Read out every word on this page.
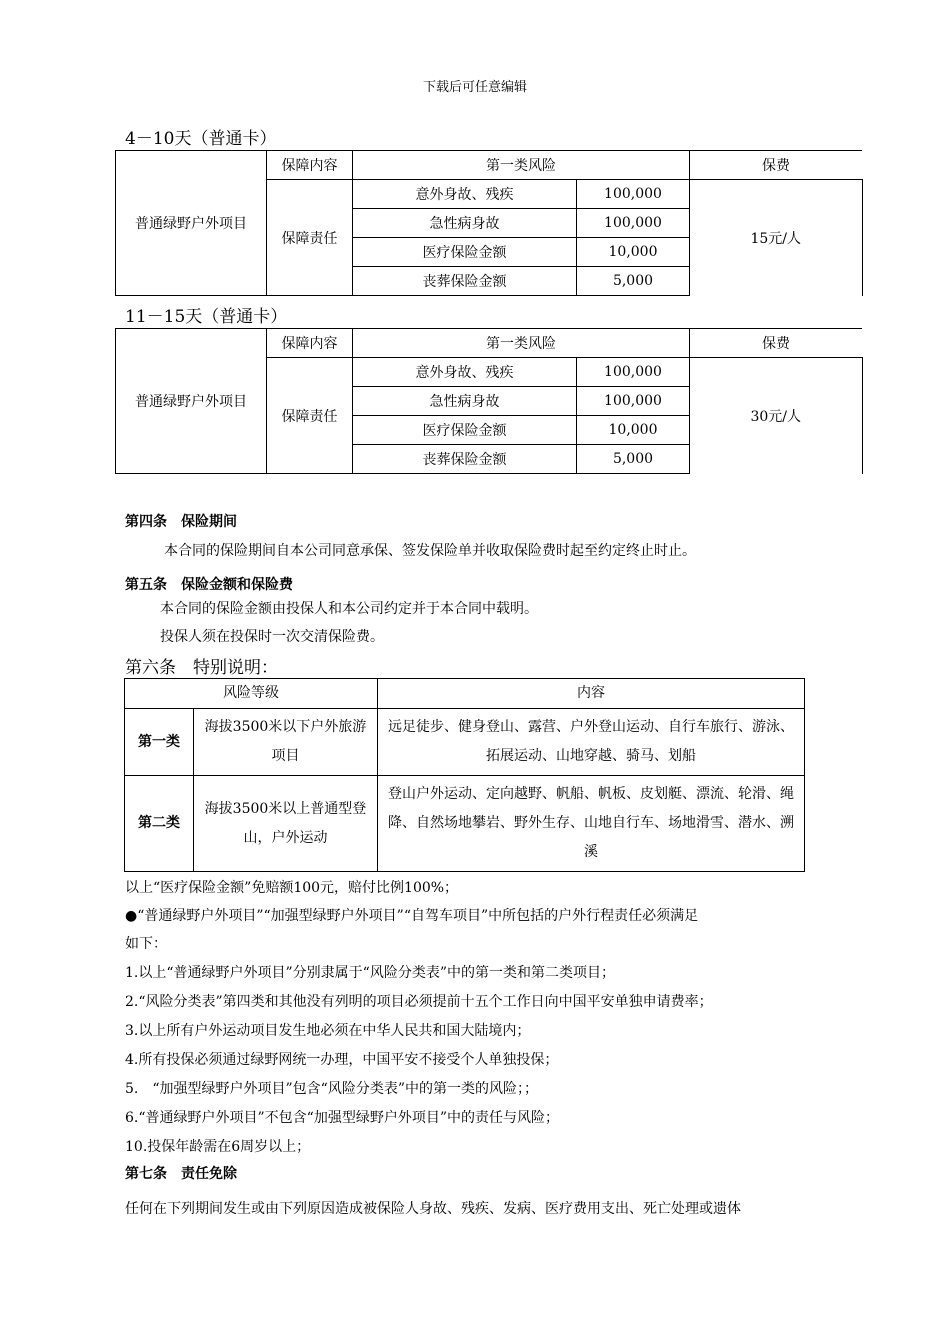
下载后可任意编辑
4－10天（普通卡）
普通绿野户外项目	保障内容	第一类风险		保费
	保障责任	意外身故、残疾	100,000	15元/人
		急性病身故	100,000	
		医疗保险金额	10,000	
		丧葬保险金额	5,000	
11－15天（普通卡）
普通绿野户外项目	保障内容	第一类风险		保费
	保障责任	意外身故、残疾	100,000	30元/人
		急性病身故	100,000	
		医疗保险金额	10,000	
		丧葬保险金额	5,000	
第四条　保险期间
本合同的保险期间自本公司同意承保、签发保险单并收取保险费时起至约定终止时止。
第五条　保险金额和保险费
本合同的保险金额由投保人和本公司约定并于本合同中载明。
投保人须在投保时一次交清保险费。
第六条　特别说明：
风险等级		内容
第一类	海拔3500米以下户外旅游项目	远足徒步、健身登山、露营、户外登山运动、自行车旅行、游泳、拓展运动、山地穿越、骑马、划船
第二类	海拔3500米以上普通型登山，户外运动	登山户外运动、定向越野、帆船、帆板、皮划艇、漂流、轮滑、绳降、自然场地攀岩、野外生存、山地自行车、场地滑雪、潜水、溯溪
以上“医疗保险金额”免赔额100元，赔付比例100%；
●“普通绿野户外项目”“加强型绿野户外项目”“自驾车项目”中所包括的户外行程责任必须满足
如下：
1.以上“普通绿野户外项目”分别隶属于“风险分类表”中的第一类和第二类项目；
2.“风险分类表”第四类和其他没有列明的项目必须提前十五个工作日向中国平安单独申请费率；
3.以上所有户外运动项目发生地必须在中华人民共和国大陆境内；
4.所有投保必须通过绿野网统一办理，中国平安不接受个人单独投保；
5.　“加强型绿野户外项目”包含“风险分类表”中的第一类的风险；；
6.“普通绿野户外项目”不包含“加强型绿野户外项目”中的责任与风险；
10.投保年龄需在6周岁以上；
第七条　责任免除
任何在下列期间发生或由下列原因造成被保险人身故、残疾、发病、医疗费用支出、死亡处理或遗体
